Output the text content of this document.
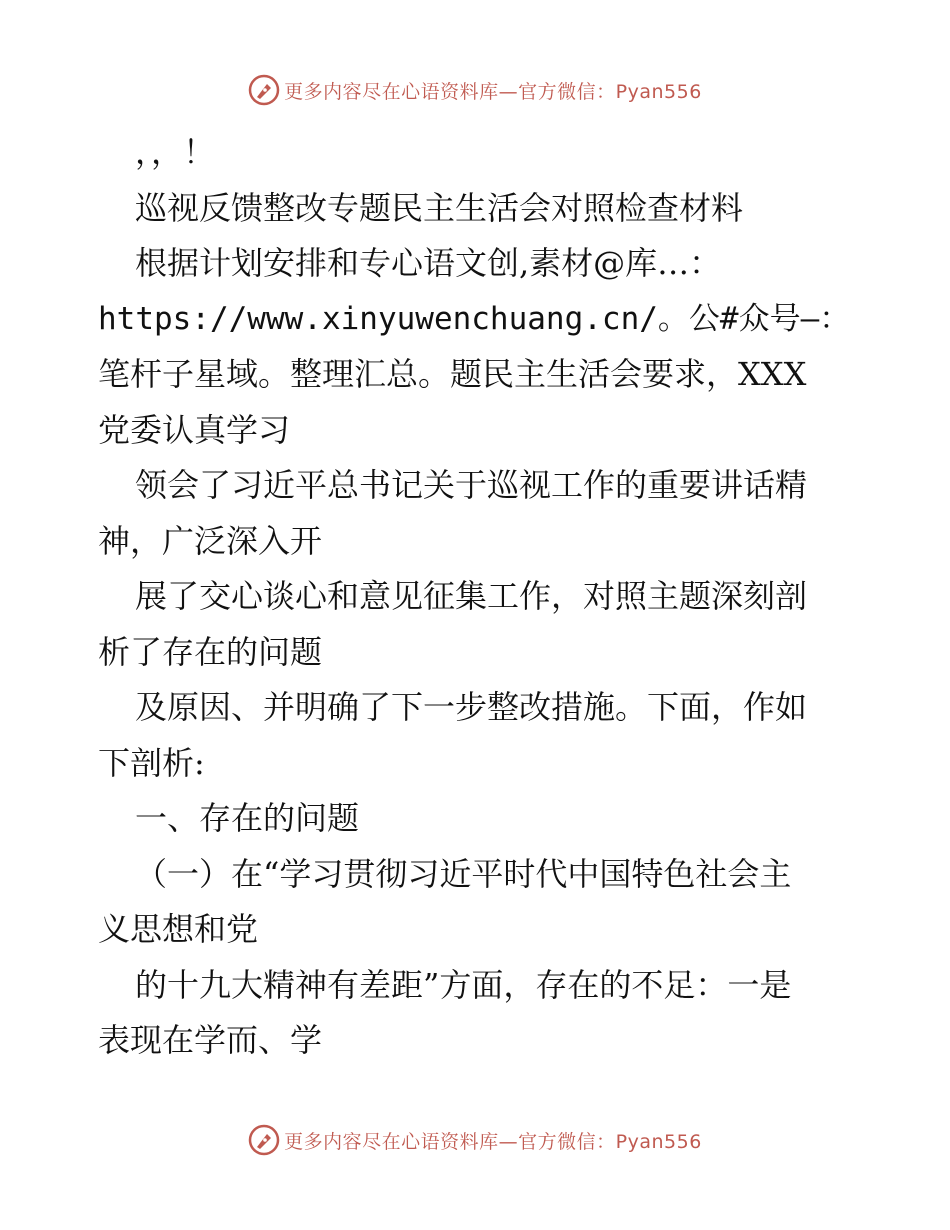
更多内容尽在心语资料库—官方微信：Pyan556
，，！
巡视反馈整改专题民主生活会对照检查材料
根据计划安排和专心语文创,素材@库…：
https://www.xinyuwenchuang.cn/。公#众号—：
笔杆子星域。整理汇总。题民主生活会要求，XXX
党委认真学习
领会了习近平总书记关于巡视工作的重要讲话精
神，广泛深入开
展了交心谈心和意见征集工作，对照主题深刻剖
析了存在的问题
及原因、并明确了下一步整改措施。下面，作如
下剖析:
一、存在的问题
（一）在“学习贯彻习近平时代中国特色社会主
义思想和党
的十九大精神有差距”方面，存在的不足：一是
表现在学而、学
更多内容尽在心语资料库—官方微信：Pyan556
